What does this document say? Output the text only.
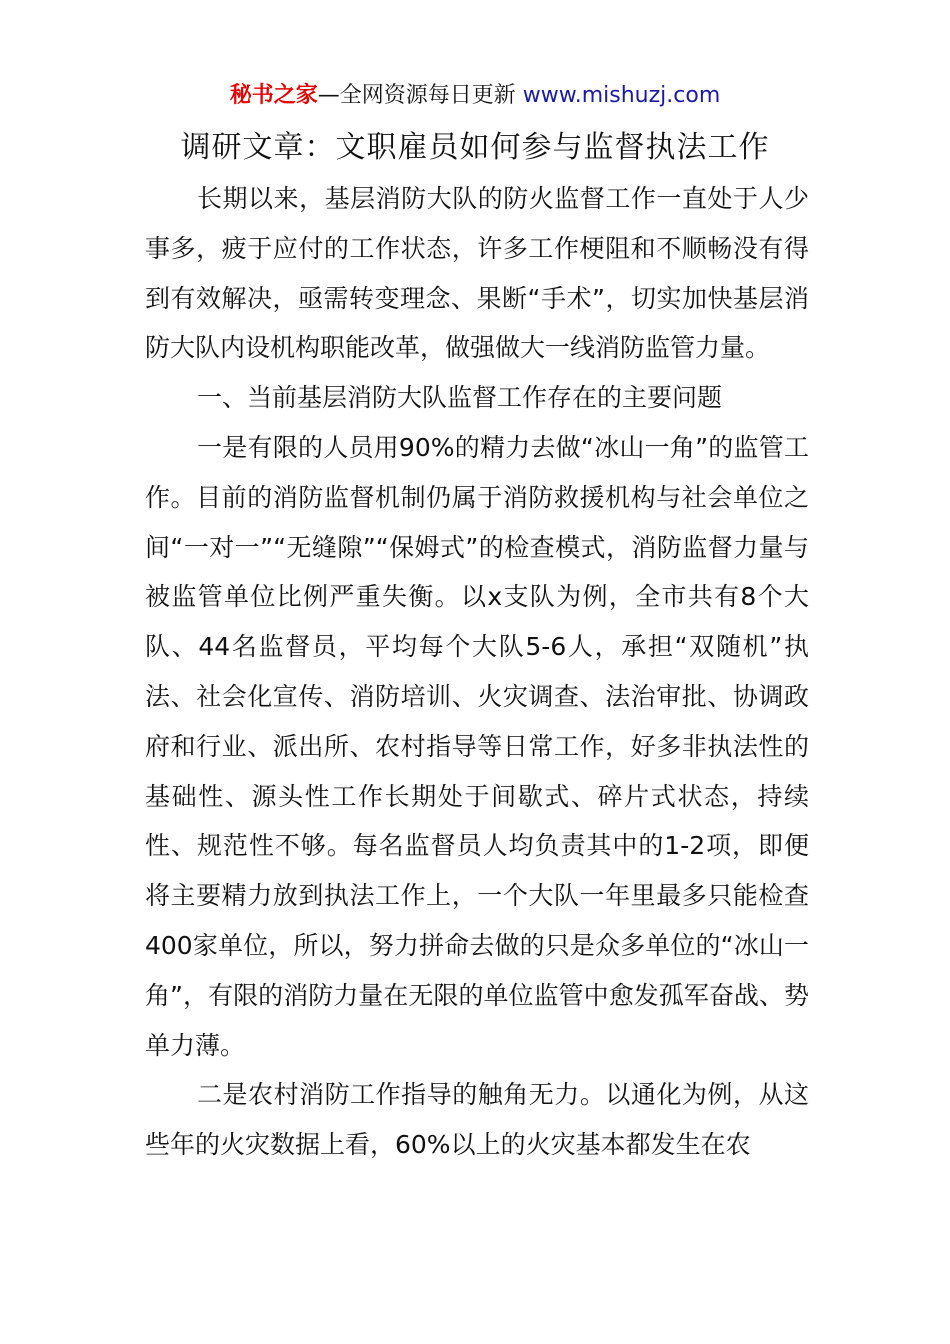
秘书之家—全网资源每日更新 www.mishuzj.com
调研文章：文职雇员如何参与监督执法工作

长期以来，基层消防大队的防火监督工作一直处于人少事多，疲于应付的工作状态，许多工作梗阻和不顺畅没有得到有效解决，亟需转变理念、果断“手术”，切实加快基层消防大队内设机构职能改革，做强做大一线消防监管力量。

一、当前基层消防大队监督工作存在的主要问题

一是有限的人员用90%的精力去做“冰山一角”的监管工作。目前的消防监督机制仍属于消防救援机构与社会单位之间“一对一”“无缝隙”“保姆式”的检查模式，消防监督力量与被监管单位比例严重失衡。以x支队为例，全市共有8个大队、44名监督员，平均每个大队5-6人，承担“双随机”执法、社会化宣传、消防培训、火灾调查、法治审批、协调政府和行业、派出所、农村指导等日常工作，好多非执法性的基础性、源头性工作长期处于间歇式、碎片式状态，持续性、规范性不够。每名监督员人均负责其中的1-2项，即便将主要精力放到执法工作上，一个大队一年里最多只能检查400家单位，所以，努力拼命去做的只是众多单位的“冰山一角”，有限的消防力量在无限的单位监管中愈发孤军奋战、势单力薄。

二是农村消防工作指导的触角无力。以通化为例，从这些年的火灾数据上看，60%以上的火灾基本都发生在农
